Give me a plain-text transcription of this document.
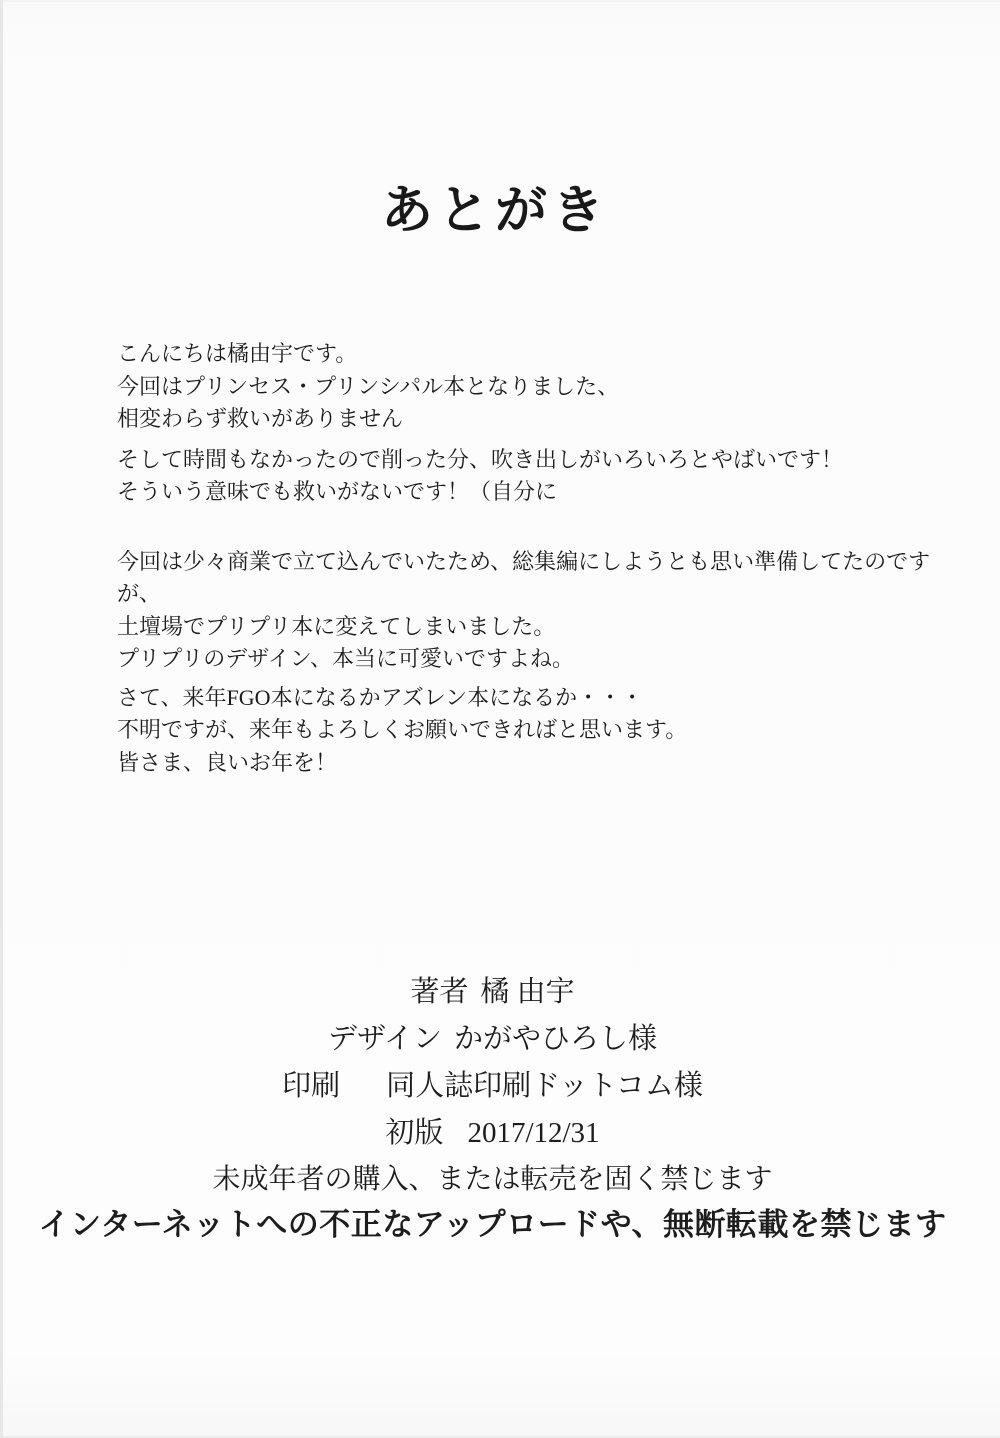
あとがき

こんにちは橘由宇です。
今回はプリンセス・プリンシパル本となりました、
相変わらず救いがありません

そして時間もなかったので削った分、吹き出しがいろいろとやばいです！
そういう意味でも救いがないです！（自分に

今回は少々商業で立て込んでいたため、総集編にしようとも思い準備してたのですが、
土壇場でプリプリ本に変えてしまいました。
プリプリのデザイン、本当に可愛いですよね。

さて、来年FGO本になるかアズレン本になるか・・・
不明ですが、来年もよろしくお願いできればと思います。
皆さま、良いお年を！

著者 橘 由宇
デザイン かがやひろし様
印刷 同人誌印刷ドットコム様
初版 2017/12/31
未成年者の購入、または転売を固く禁じます
インターネットへの不正なアップロードや、無断転載を禁じます
